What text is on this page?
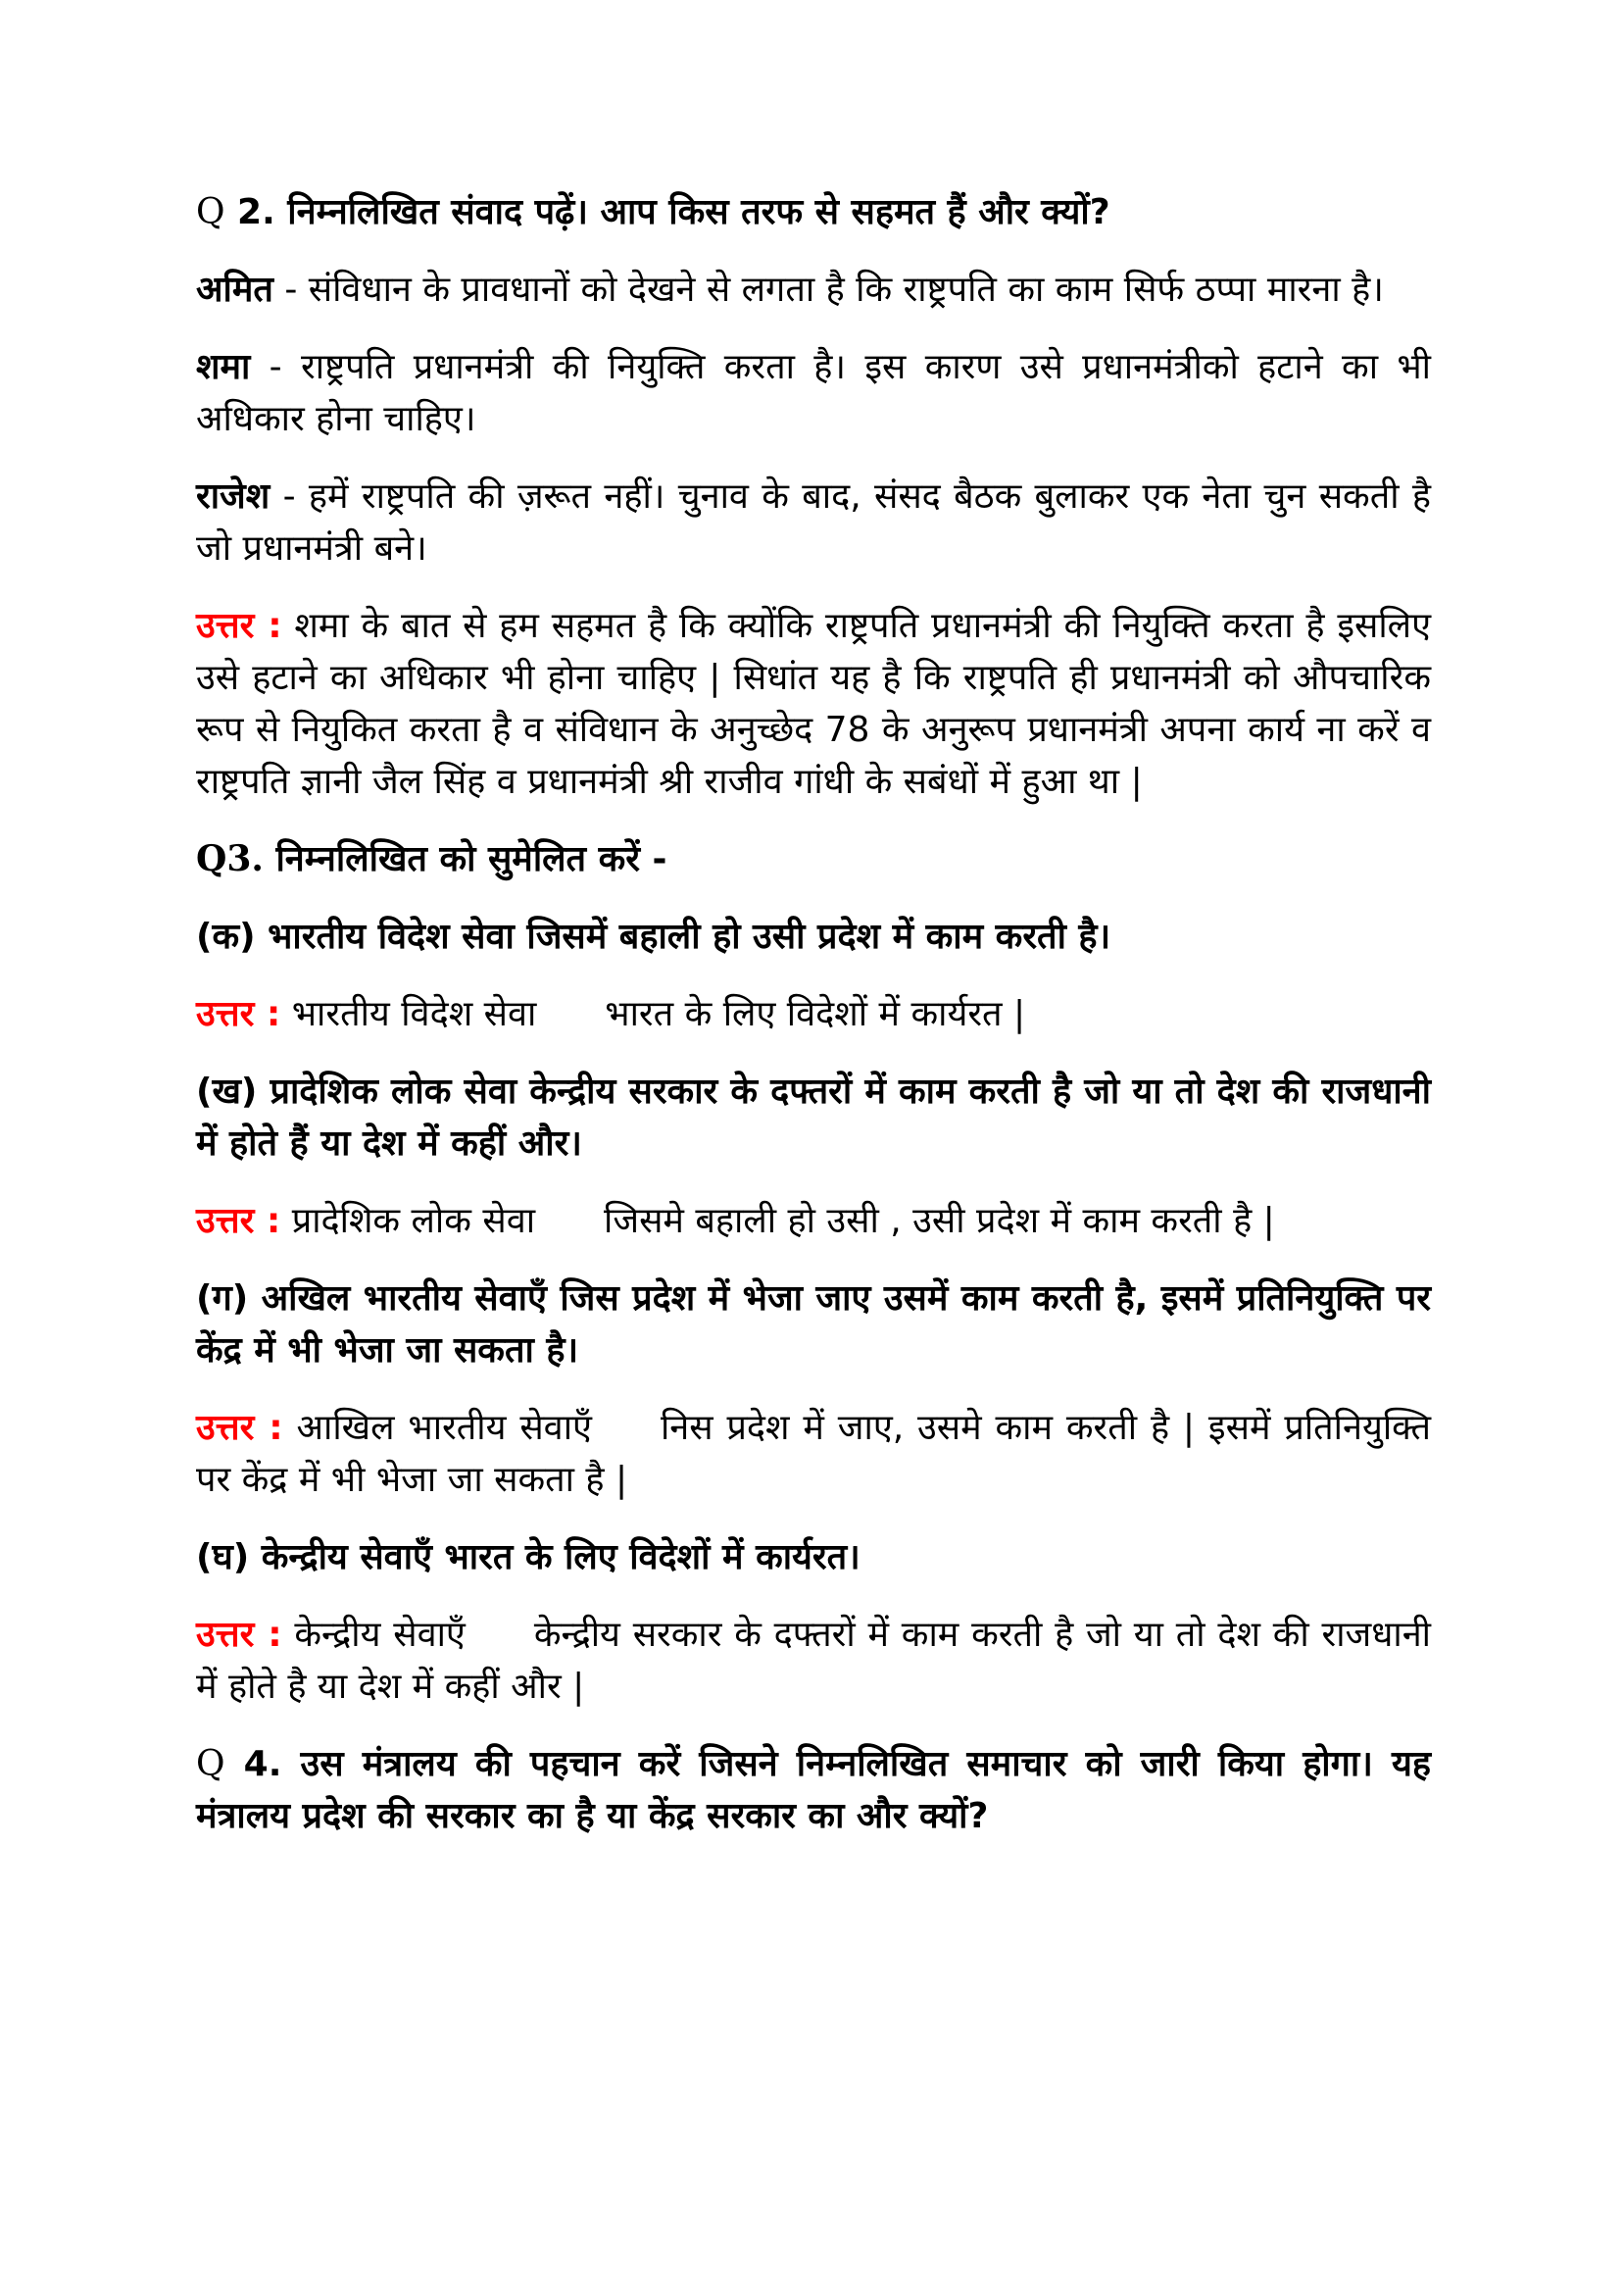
Q 2. निम्नलिखित संवाद पढ़ें। आप किस तरफ से सहमत हैं और क्यों?

अमित - संविधान के प्रावधानों को देखने से लगता है कि राष्ट्रपति का काम सिर्फ ठप्पा मारना है।

शमा - राष्ट्रपति प्रधानमंत्री की नियुक्ति करता है। इस कारण उसे प्रधानमंत्रीको हटाने का भी अधिकार होना चाहिए।

राजेश - हमें राष्ट्रपति की ज़रूत नहीं। चुनाव के बाद, संसद बैठक बुलाकर एक नेता चुन सकती है जो प्रधानमंत्री बने।

उत्तर : शमा के बात से हम सहमत है कि क्योंकि राष्ट्रपति प्रधानमंत्री की नियुक्ति करता है इसलिए उसे हटाने का अधिकार भी होना चाहिए | सिधांत यह है कि राष्ट्रपति ही प्रधानमंत्री को औपचारिक रूप से नियुकित करता है व संविधान के अनुच्छेद 78 के अनुरूप प्रधानमंत्री अपना कार्य ना करें व राष्ट्रपति ज्ञानी जैल सिंह व प्रधानमंत्री श्री राजीव गांधी के सबंधों में हुआ था |

Q3. निम्नलिखित को सुमेलित करें -

(क) भारतीय विदेश सेवा जिसमें बहाली हो उसी प्रदेश में काम करती है।

उत्तर : भारतीय विदेश सेवा भारत के लिए विदेशों में कार्यरत |

(ख) प्रादेशिक लोक सेवा केन्द्रीय सरकार के दफ्तरों में काम करती है जो या तो देश की राजधानी में होते हैं या देश में कहीं और।

उत्तर : प्रादेशिक लोक सेवा जिसमे बहाली हो उसी , उसी प्रदेश में काम करती है |

(ग) अखिल भारतीय सेवाएँ जिस प्रदेश में भेजा जाए उसमें काम करती है, इसमें प्रतिनियुक्ति पर केंद्र में भी भेजा जा सकता है।

उत्तर : आखिल भारतीय सेवाएँ निस प्रदेश में जाए, उसमे काम करती है | इसमें प्रतिनियुक्ति पर केंद्र में भी भेजा जा सकता है |

(घ) केन्द्रीय सेवाएँ भारत के लिए विदेशों में कार्यरत।

उत्तर : केन्द्रीय सेवाएँ केन्द्रीय सरकार के दफ्तरों में काम करती है जो या तो देश की राजधानी में होते है या देश में कहीं और |

Q 4. उस मंत्रालय की पहचान करें जिसने निम्नलिखित समाचार को जारी किया होगा। यह मंत्रालय प्रदेश की सरकार का है या केंद्र सरकार का और क्यों?
